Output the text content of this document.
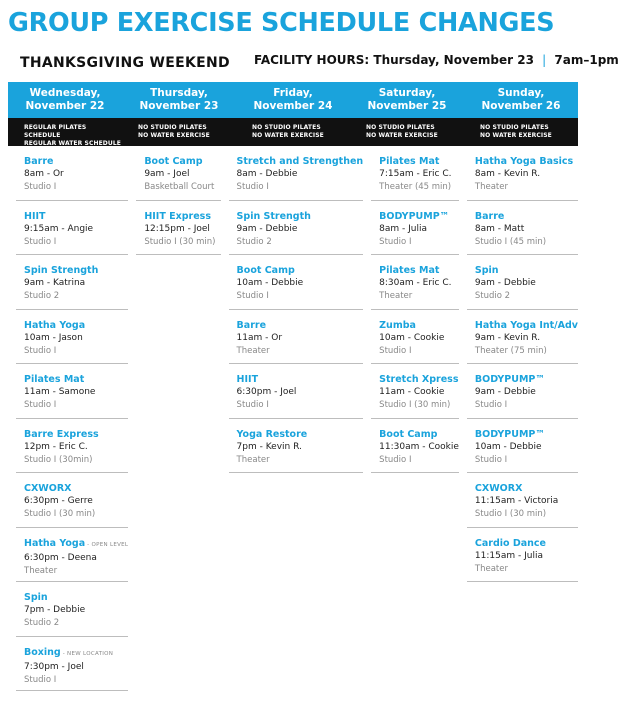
GROUP EXERCISE SCHEDULE CHANGES
THANKSGIVING WEEKEND FACILITY HOURS: Thursday, November 23 | 7am–1pm
Wednesday,
November 22
Thursday,
November 23
Friday,
November 24
Saturday,
November 25
Sunday,
November 26
REGULAR PILATES SCHEDULE
REGULAR WATER SCHEDULE
NO STUDIO PILATES
NO WATER EXERCISE
NO STUDIO PILATES
NO WATER EXERCISE
NO STUDIO PILATES
NO WATER EXERCISE
NO STUDIO PILATES
NO WATER EXERCISE
Barre
8am - Or
Studio I
HIIT
9:15am - Angie
Studio I
Spin Strength
9am - Katrina
Studio 2
Hatha Yoga
10am - Jason
Studio I
Pilates Mat
11am - Samone
Studio I
Barre Express
12pm - Eric C.
Studio I (30min)
CXWORX
6:30pm - Gerre
Studio I (30 min)
Hatha Yoga - OPEN LEVEL
6:30pm - Deena
Theater
Spin
7pm - Debbie
Studio 2
Boxing - NEW LOCATION
7:30pm - Joel
Studio I
Boot Camp
9am - Joel
Basketball Court
HIIT Express
12:15pm - Joel
Studio I (30 min)
Stretch and Strengthen
8am - Debbie
Studio I
Spin Strength
9am - Debbie
Studio 2
Boot Camp
10am - Debbie
Studio I
Barre
11am - Or
Theater
HIIT
6:30pm - Joel
Studio I
Yoga Restore
7pm - Kevin R.
Theater
Pilates Mat
7:15am - Eric C.
Theater (45 min)
BODYPUMP™
8am - Julia
Studio I
Pilates Mat
8:30am - Eric C.
Theater
Zumba
10am - Cookie
Studio I
Stretch Xpress
11am - Cookie
Studio I (30 min)
Boot Camp
11:30am - Cookie
Studio I
Hatha Yoga Basics
8am - Kevin R.
Theater
Barre
8am - Matt
Studio I (45 min)
Spin
9am - Debbie
Studio 2
Hatha Yoga Int/Adv
9am - Kevin R.
Theater (75 min)
BODYPUMP™
9am - Debbie
Studio I
BODYPUMP™
10am - Debbie
Studio I
CXWORX
11:15am - Victoria
Studio I (30 min)
Cardio Dance
11:15am - Julia
Theater
